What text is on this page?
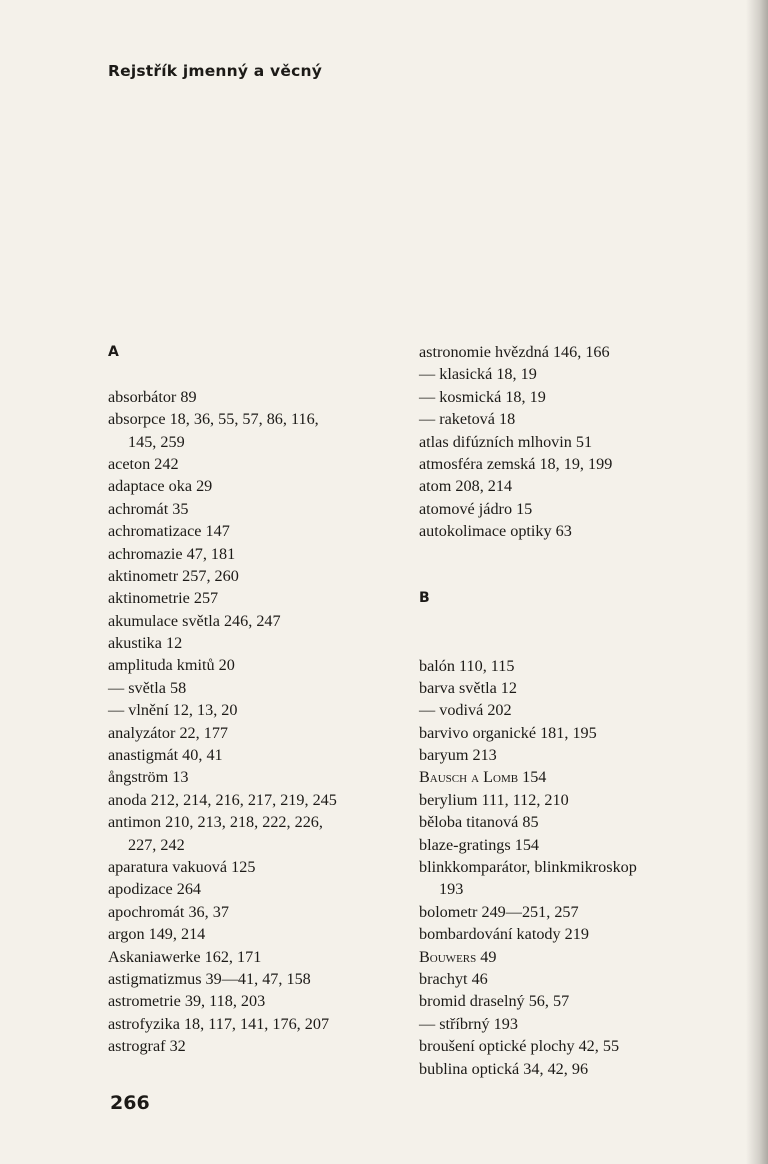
Rejstřík jmenný a věcný
A
absorbátor 89
absorpce 18, 36, 55, 57, 86, 116,
145, 259
aceton 242
adaptace oka 29
achromát 35
achromatizace 147
achromazie 47, 181
aktinometr 257, 260
aktinometrie 257
akumulace světla 246, 247
akustika 12
amplituda kmitů 20
— světla 58
— vlnění 12, 13, 20
analyzátor 22, 177
anastigmát 40, 41
ångström 13
anoda 212, 214, 216, 217, 219, 245
antimon 210, 213, 218, 222, 226,
227, 242
aparatura vakuová 125
apodizace 264
apochromát 36, 37
argon 149, 214
Askaniawerke 162, 171
astigmatizmus 39—41, 47, 158
astrometrie 39, 118, 203
astrofyzika 18, 117, 141, 176, 207
astrograf 32
astronomie hvězdná 146, 166
— klasická 18, 19
— kosmická 18, 19
— raketová 18
atlas difúzních mlhovin 51
atmosféra zemská 18, 19, 199
atom 208, 214
atomové jádro 15
autokolimace optiky 63
B
balón 110, 115
barva světla 12
— vodivá 202
barvivo organické 181, 195
baryum 213
Bausch a Lomb 154
berylium 111, 112, 210
běloba titanová 85
blaze-gratings 154
blinkkomparátor, blinkmikroskop
193
bolometr 249—251, 257
bombardování katody 219
Bouwers 49
brachyt 46
bromid draselný 56, 57
— stříbrný 193
broušení optické plochy 42, 55
bublina optická 34, 42, 96
266
